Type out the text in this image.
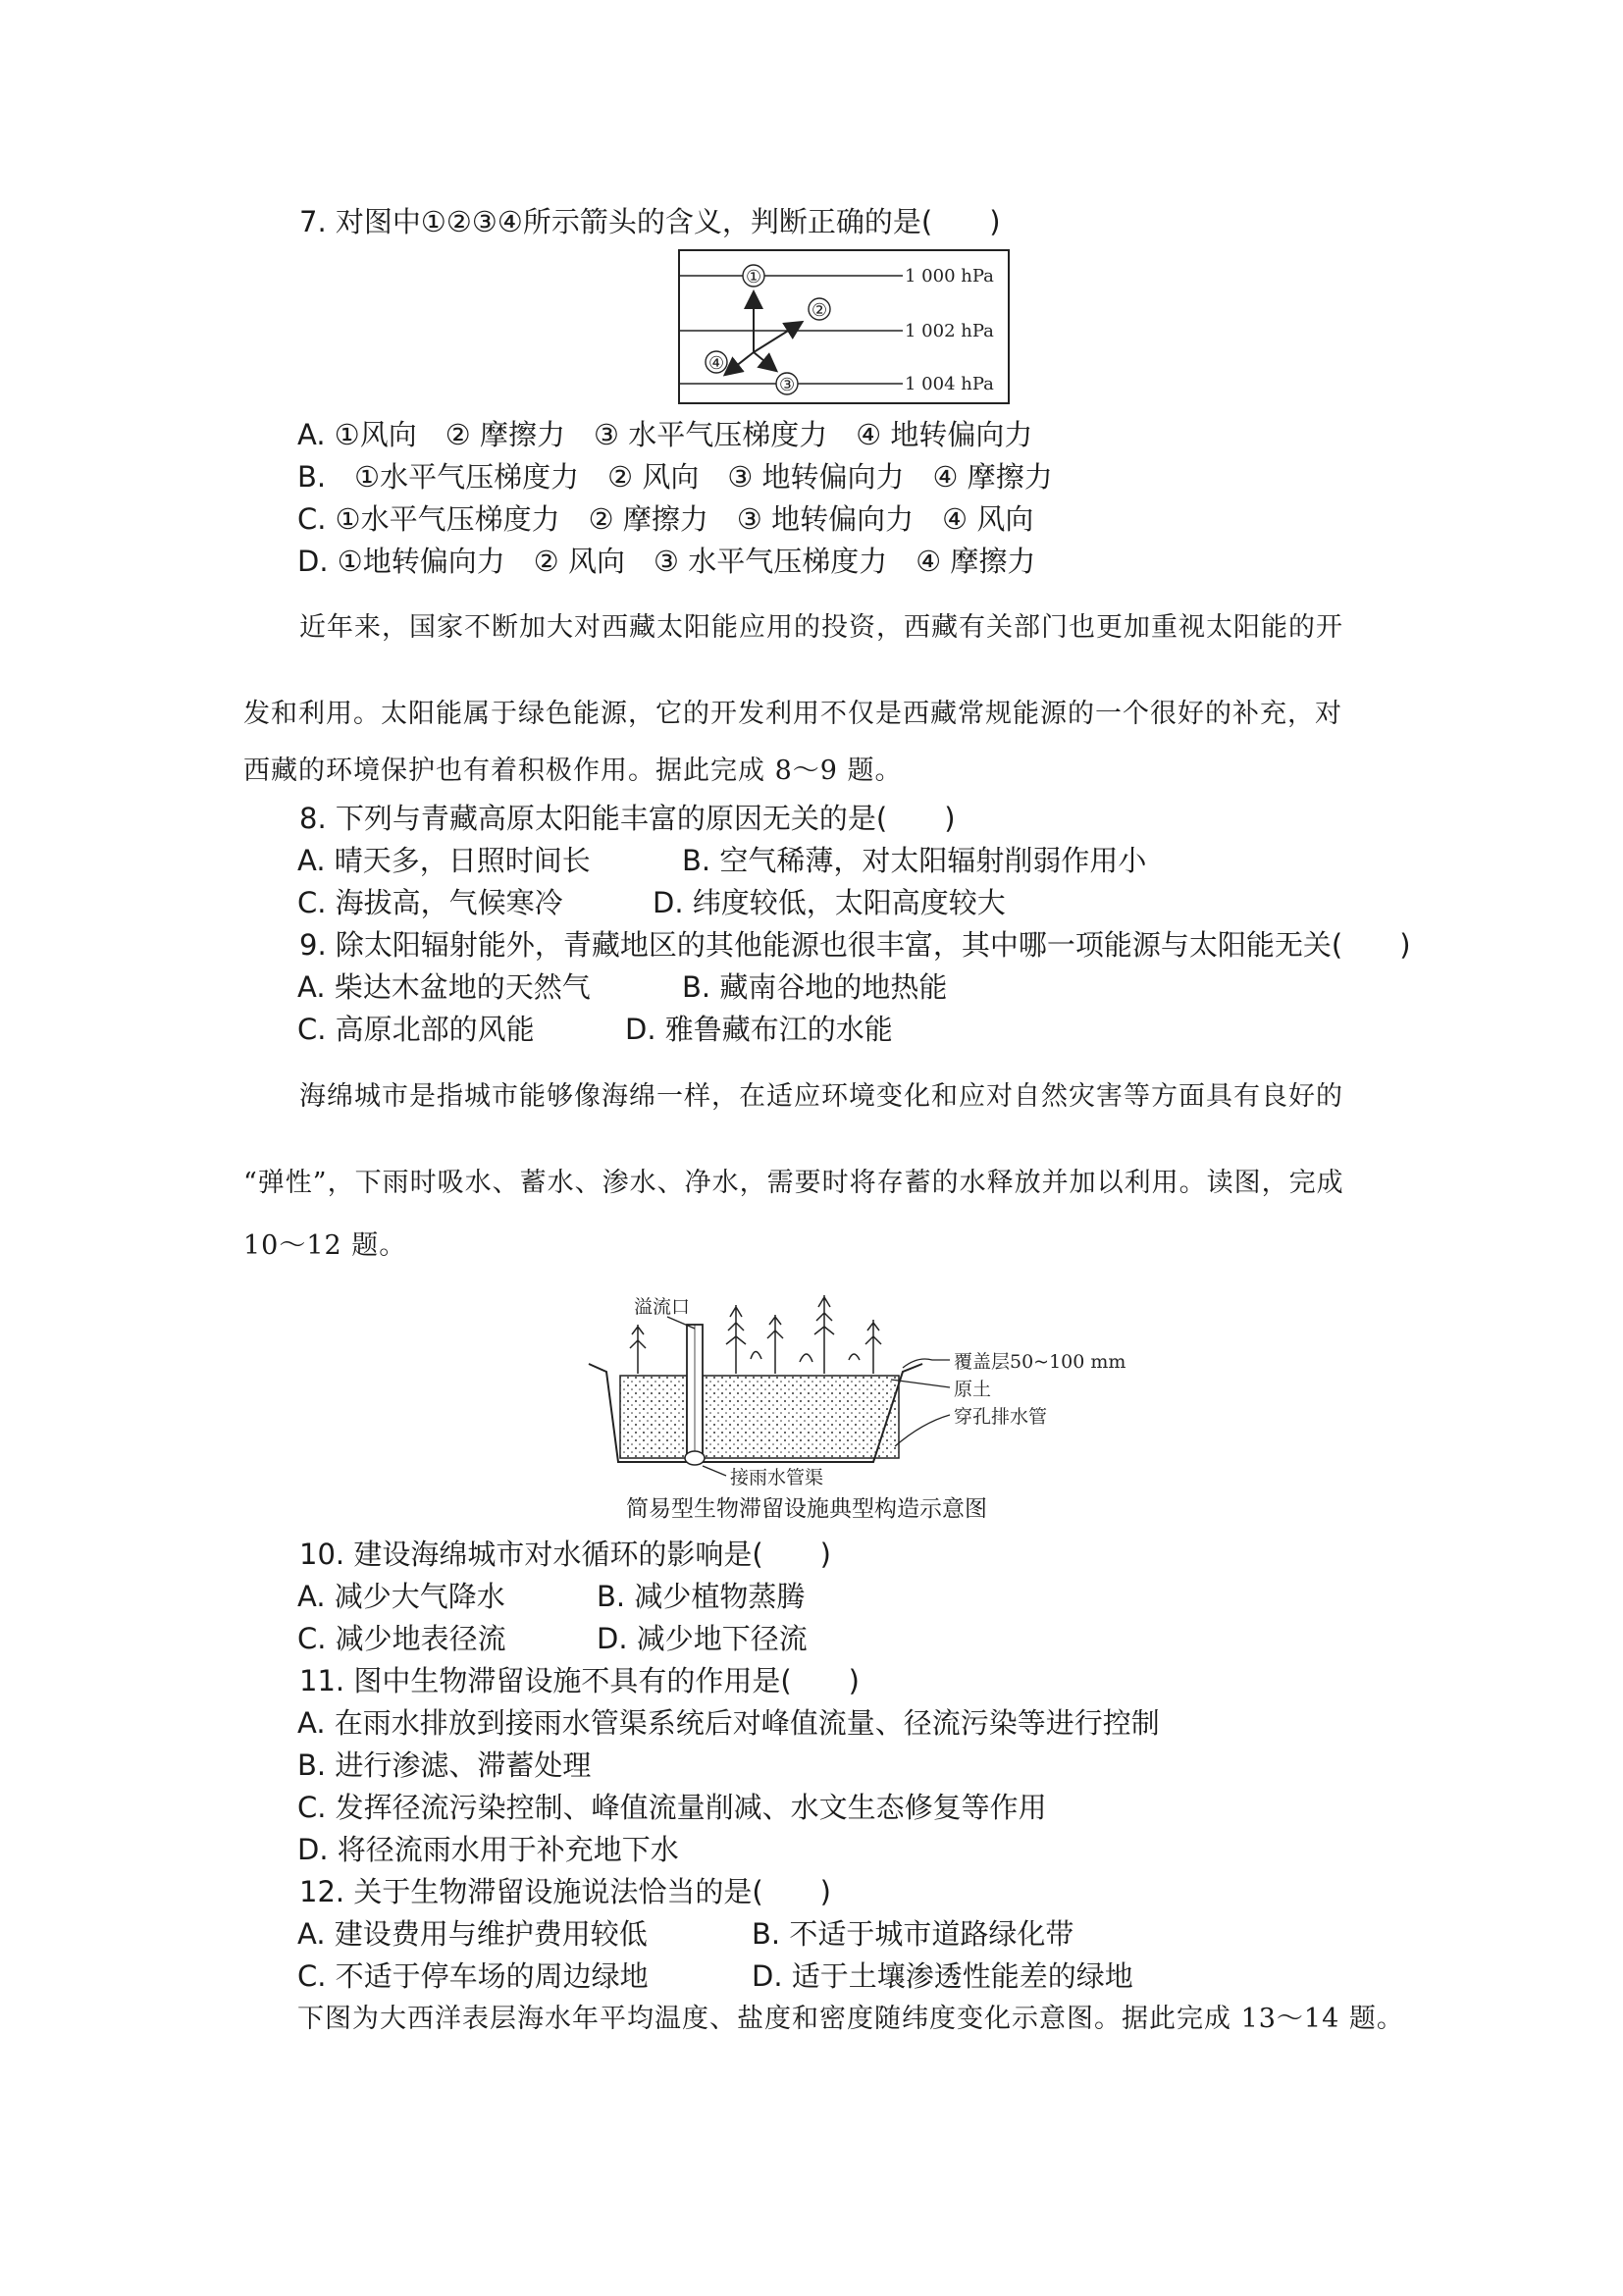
7. 对图中①②③④所示箭头的含义，判断正确的是(　　)
1 000 hPa
1 002 hPa
1 004 hPa
①
②
③
④
A. ①风向　② 摩擦力　③ 水平气压梯度力　④ 地转偏向力
B.　①水平气压梯度力　② 风向　③ 地转偏向力　④ 摩擦力
C. ①水平气压梯度力　② 摩擦力　③ 地转偏向力　④ 风向
D. ①地转偏向力　② 风向　③ 水平气压梯度力　④ 摩擦力
近年来，国家不断加大对西藏太阳能应用的投资，西藏有关部门也更加重视太阳能的开
发和利用。太阳能属于绿色能源，它的开发利用不仅是西藏常规能源的一个很好的补充，对
西藏的环境保护也有着积极作用。据此完成 8～9 题。
8. 下列与青藏高原太阳能丰富的原因无关的是(　　)
A. 晴天多，日照时间长	B. 空气稀薄，对太阳辐射削弱作用小
C. 海拔高，气候寒冷	D. 纬度较低，太阳高度较大
9. 除太阳辐射能外，青藏地区的其他能源也很丰富，其中哪一项能源与太阳能无关(　　)
A. 柴达木盆地的天然气	B. 藏南谷地的地热能
C. 高原北部的风能	D. 雅鲁藏布江的水能
海绵城市是指城市能够像海绵一样，在适应环境变化和应对自然灾害等方面具有良好的
“弹性”，下雨时吸水、蓄水、渗水、净水，需要时将存蓄的水释放并加以利用。读图，完成
10～12 题。
溢流口
覆盖层50~100 mm
原土
穿孔排水管
接雨水管渠
简易型生物滞留设施典型构造示意图
10. 建设海绵城市对水循环的影响是(　　)
A. 减少大气降水	B. 减少植物蒸腾
C. 减少地表径流	D. 减少地下径流
11. 图中生物滞留设施不具有的作用是(　　)
A. 在雨水排放到接雨水管渠系统后对峰值流量、径流污染等进行控制
B. 进行渗滤、滞蓄处理
C. 发挥径流污染控制、峰值流量削减、水文生态修复等作用
D. 将径流雨水用于补充地下水
12. 关于生物滞留设施说法恰当的是(　　)
A. 建设费用与维护费用较低	B. 不适于城市道路绿化带
C. 不适于停车场的周边绿地	D. 适于土壤渗透性能差的绿地
下图为大西洋表层海水年平均温度、盐度和密度随纬度变化示意图。据此完成 13～14 题。
